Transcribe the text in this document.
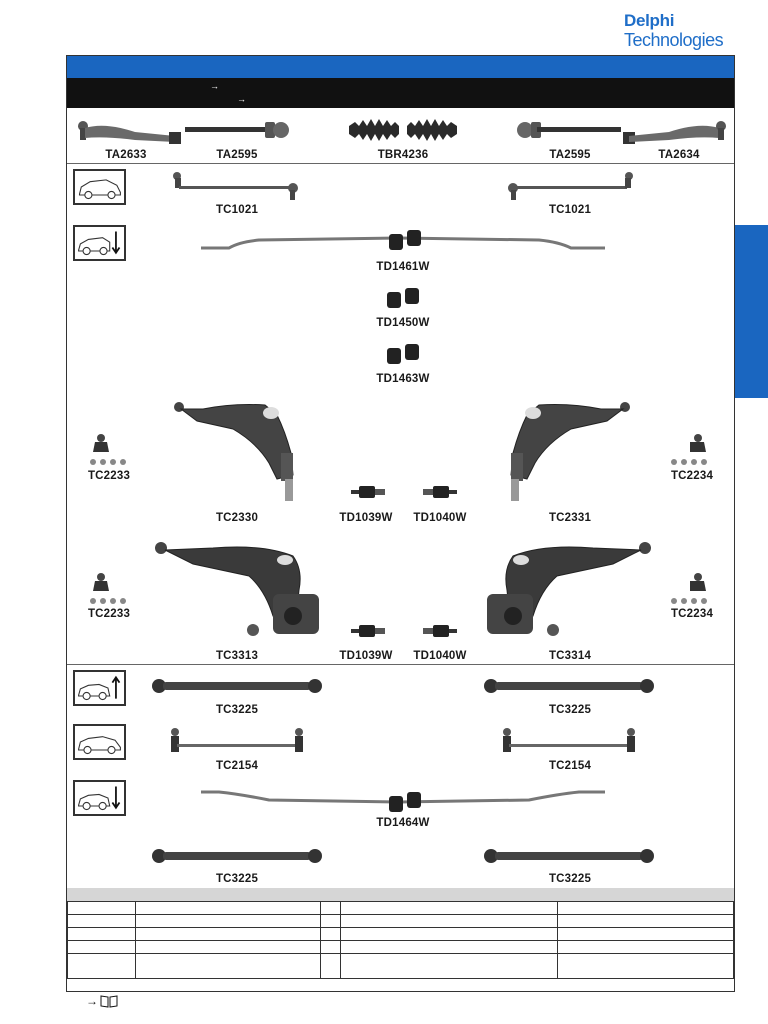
Delphi
Technologies
→
→
TA2633	TA2595	TBR4236	TA2595	TA2634
TC1021	TC1021
TD1461W
TD1450W
TD1463W
TC2233	TC2234
TC2330	TC2331
TD1039W TD1040W
TC2233	TC2234
TC3313	TC3314
TD1039W TD1040W
TC3225	TC3225
TC2154	TC2154
TD1464W
TC3225	TC3225

→
